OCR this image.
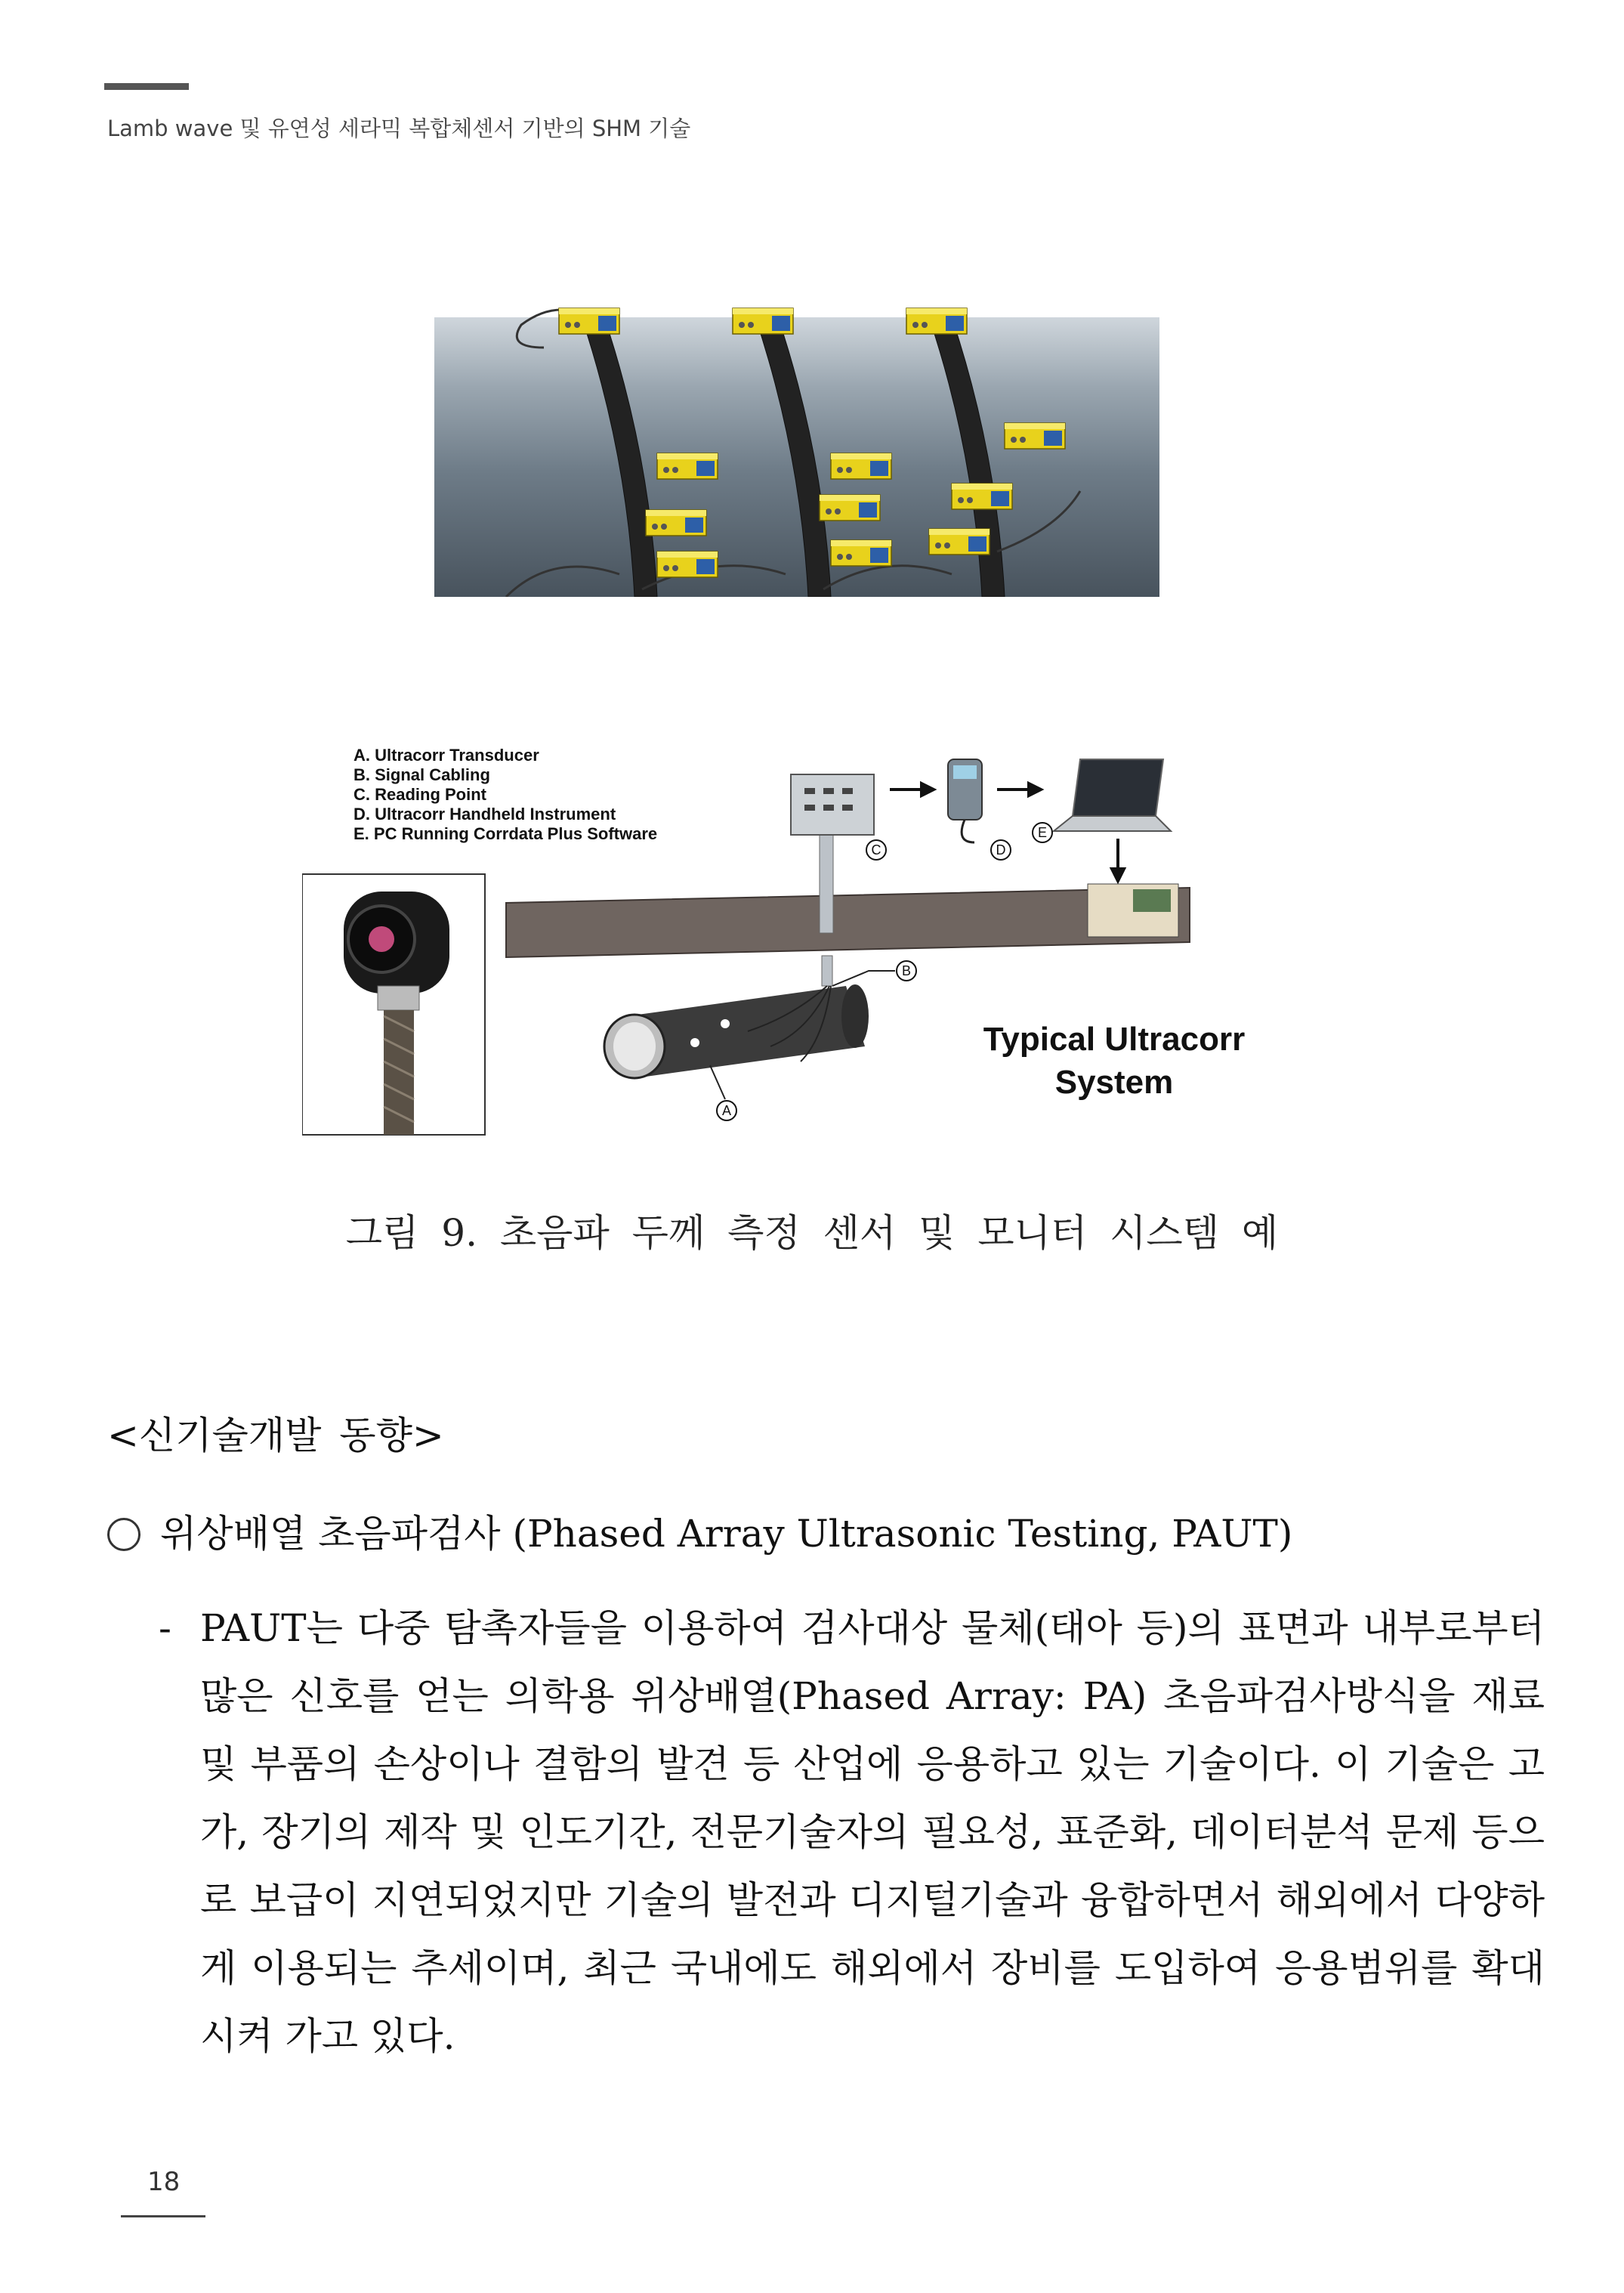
Lamb wave 및 유연성 세라믹 복합체센서 기반의 SHM 기술
A. Ultracorr Transducer
B. Signal Cabling
C. Reading Point
D. Ultracorr Handheld Instrument
E. PC Running Corrdata Plus Software
C	D
E
B
A
Typical Ultracorr
System
그림 9. 초음파 두께 측정 센서 및 모니터 시스템 예
<신기술개발 동향>
위상배열 초음파검사 (Phased Array Ultrasonic Testing, PAUT)
- PAUT는 다중 탐촉자들을 이용하여 검사대상 물체(태아 등)의 표면과 내부로부터 많은 신호를 얻는 의학용 위상배열(Phased Array: PA) 초음파검사방식을 재료 및 부품의 손상이나 결함의 발견 등 산업에 응용하고 있는 기술이다. 이 기술은 고가, 장기의 제작 및 인도기간, 전문기술자의 필요성, 표준화, 데이터분석 문제 등으로 보급이 지연되었지만 기술의 발전과 디지털기술과 융합하면서 해외에서 다양하게 이용되는 추세이며, 최근 국내에도 해외에서 장비를 도입하여 응용범위를 확대시켜 가고 있다.
18
